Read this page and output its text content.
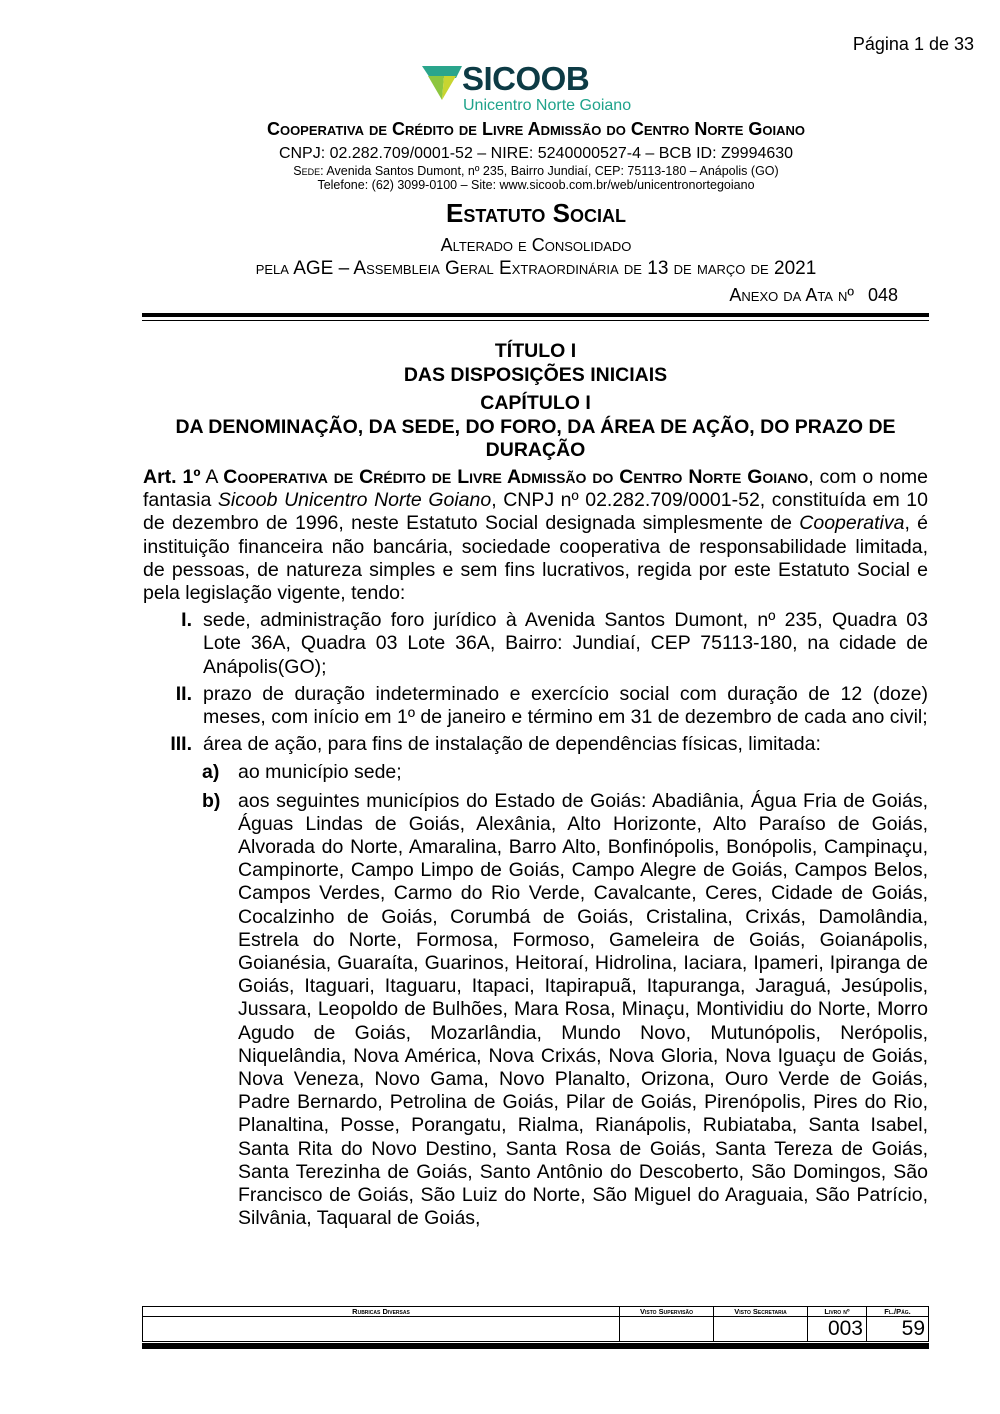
Página 1 de 33
SICOOB
Unicentro Norte Goiano
Cooperativa de Crédito de Livre Admissão do Centro Norte Goiano
CNPJ: 02.282.709/0001-52 – NIRE: 5240000527-4 – BCB ID: Z9994630
Sede: Avenida Santos Dumont, nº 235, Bairro Jundiaí, CEP: 75113-180 – Anápolis (GO)
Telefone: (62) 3099-0100 – Site: www.sicoob.com.br/web/unicentronortegoiano
Estatuto Social
Alterado e Consolidado
pela AGE – Assembleia Geral Extraordinária de 13 de março de 2021
Anexo da Ata nº 048
TÍTULO I
DAS DISPOSIÇÕES INICIAIS
CAPÍTULO I
DA DENOMINAÇÃO, DA SEDE, DO FORO, DA ÁREA DE AÇÃO, DO PRAZO DE DURAÇÃO
Art. 1º A Cooperativa de Crédito de Livre Admissão do Centro Norte Goiano, com o nome fantasia Sicoob Unicentro Norte Goiano, CNPJ nº 02.282.709/0001-52, constituída em 10 de dezembro de 1996, neste Estatuto Social designada simplesmente de Cooperativa, é instituição financeira não bancária, sociedade cooperativa de responsabilidade limitada, de pessoas, de natureza simples e sem fins lucrativos, regida por este Estatuto Social e pela legislação vigente, tendo:
I. sede, administração foro jurídico à Avenida Santos Dumont, nº 235, Quadra 03 Lote 36A, Quadra 03 Lote 36A, Bairro: Jundiaí, CEP 75113-180, na cidade de Anápolis(GO);
II. prazo de duração indeterminado e exercício social com duração de 12 (doze) meses, com início em 1º de janeiro e término em 31 de dezembro de cada ano civil;
III. área de ação, para fins de instalação de dependências físicas, limitada:
a) ao município sede;
b) aos seguintes municípios do Estado de Goiás: Abadiânia, Água Fria de Goiás, Águas Lindas de Goiás, Alexânia, Alto Horizonte, Alto Paraíso de Goiás, Alvorada do Norte, Amaralina, Barro Alto, Bonfinópolis, Bonópolis, Campinaçu, Campinorte, Campo Limpo de Goiás, Campo Alegre de Goiás, Campos Belos, Campos Verdes, Carmo do Rio Verde, Cavalcante, Ceres, Cidade de Goiás, Cocalzinho de Goiás, Corumbá de Goiás, Cristalina, Crixás, Damolândia, Estrela do Norte, Formosa, Formoso, Gameleira de Goiás, Goianápolis, Goianésia, Guaraíta, Guarinos, Heitoraí, Hidrolina, Iaciara, Ipameri, Ipiranga de Goiás, Itaguari, Itaguaru, Itapaci, Itapirapuã, Itapuranga, Jaraguá, Jesúpolis, Jussara, Leopoldo de Bulhões, Mara Rosa, Minaçu, Montividiu do Norte, Morro Agudo de Goiás, Mozarlândia, Mundo Novo, Mutunópolis, Nerópolis, Niquelândia, Nova América, Nova Crixás, Nova Gloria, Nova Iguaçu de Goiás, Nova Veneza, Novo Gama, Novo Planalto, Orizona, Ouro Verde de Goiás, Padre Bernardo, Petrolina de Goiás, Pilar de Goiás, Pirenópolis, Pires do Rio, Planaltina, Posse, Porangatu, Rialma, Rianápolis, Rubiataba, Santa Isabel, Santa Rita do Novo Destino, Santa Rosa de Goiás, Santa Tereza de Goiás, Santa Terezinha de Goiás, Santo Antônio do Descoberto, São Domingos, São Francisco de Goiás, São Luiz do Norte, São Miguel do Araguaia, São Patrício, Silvânia, Taquaral de Goiás,
Rubricas Diversas	Visto Supervisão	Visto Secretaria	Livro nº	Fl./Pág.
			003	59
